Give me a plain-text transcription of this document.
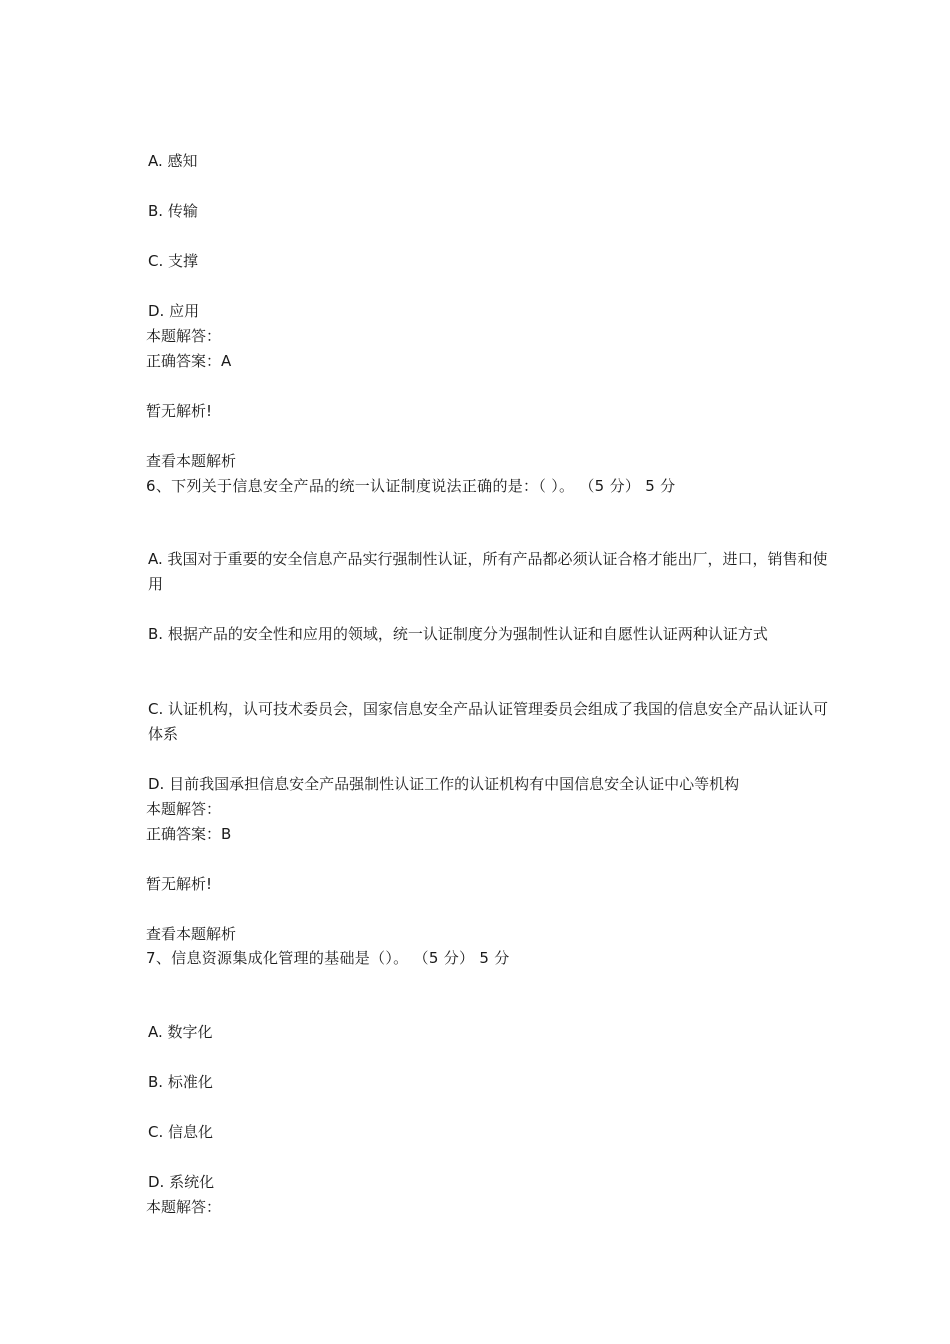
A. 感知
B. 传输
C. 支撑
D. 应用
本题解答：
正确答案：A
暂无解析!
查看本题解析
6、下列关于信息安全产品的统一认证制度说法正确的是：（ ）。 （5 分） 5 分
A. 我国对于重要的安全信息产品实行强制性认证，所有产品都必须认证合格才能出厂，进口，销售和使用
B. 根据产品的安全性和应用的领域，统一认证制度分为强制性认证和自愿性认证两种认证方式
C. 认证机构，认可技术委员会，国家信息安全产品认证管理委员会组成了我国的信息安全产品认证认可体系
D. 目前我国承担信息安全产品强制性认证工作的认证机构有中国信息安全认证中心等机构
本题解答：
正确答案：B
暂无解析!
查看本题解析
7、信息资源集成化管理的基础是（）。 （5 分） 5 分
A. 数字化
B. 标准化
C. 信息化
D. 系统化
本题解答：
